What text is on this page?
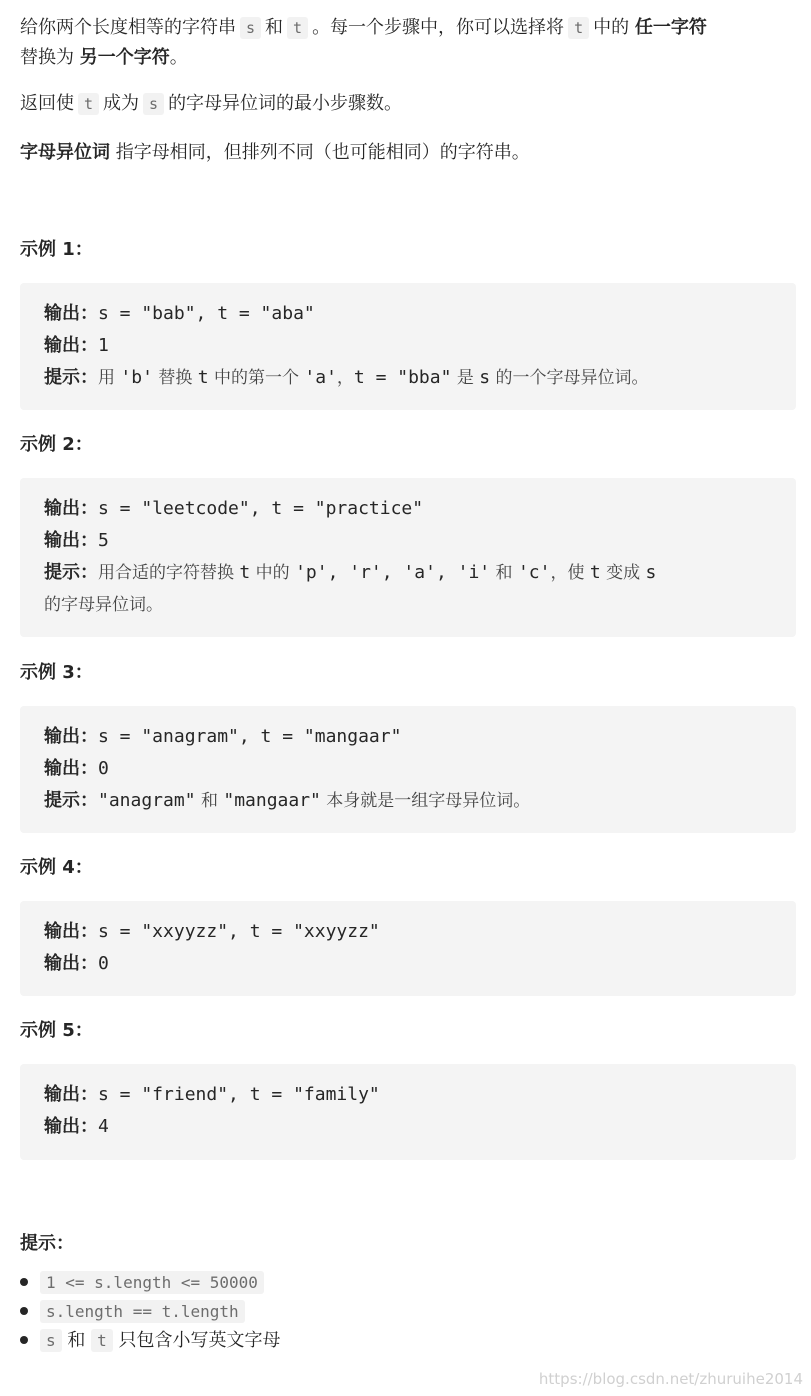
给你两个长度相等的字符串 s 和 t 。每一个步骤中，你可以选择将 t 中的 任一字符
替换为 另一个字符。

返回使 t 成为 s 的字母异位词的最小步骤数。

字母异位词 指字母相同，但排列不同（也可能相同）的字符串。

示例 1：

输出：s = "bab", t = "aba"

输出：1

提示：用 'b' 替换 t 中的第一个 'a'，t = "bba" 是 s 的一个字母异位词。

示例 2：

输出：s = "leetcode", t = "practice"

输出：5

提示：用合适的字符替换 t 中的 'p', 'r', 'a', 'i' 和 'c'，使 t 变成 s

的字母异位词。

示例 3：

输出：s = "anagram", t = "mangaar"

输出：0

提示："anagram" 和 "mangaar" 本身就是一组字母异位词。

示例 4：

输出：s = "xxyyzz", t = "xxyyzz"

输出：0

示例 5：

输出：s = "friend", t = "family"

输出：4

提示：

1 <= s.length <= 50000
s.length == t.length
s 和 t 只包含小写英文字母
https://blog.csdn.net/zhuruihe2014
